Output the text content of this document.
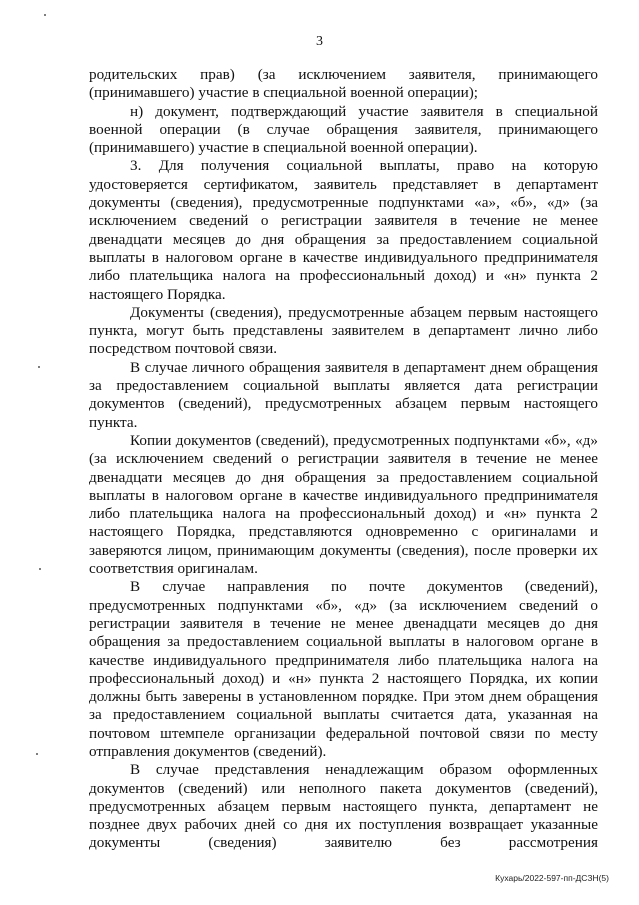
3

родительских прав) (за исключением заявителя, принимающего (принимавшего) участие в специальной военной операции);

н) документ, подтверждающий участие заявителя в специальной военной операции (в случае обращения заявителя, принимающего (принимавшего) участие в специальной военной операции).

3. Для получения социальной выплаты, право на которую удостоверяется сертификатом, заявитель представляет в департамент документы (сведения), предусмотренные подпунктами «а», «б», «д» (за исключением сведений о регистрации заявителя в течение не менее двенадцати месяцев до дня обращения за предоставлением социальной выплаты в налоговом органе в качестве индивидуального предпринимателя либо плательщика налога на профессиональный доход) и «н» пункта 2 настоящего Порядка.

Документы (сведения), предусмотренные абзацем первым настоящего пункта, могут быть представлены заявителем в департамент лично либо посредством почтовой связи.

В случае личного обращения заявителя в департамент днем обращения за предоставлением социальной выплаты является дата регистрации документов (сведений), предусмотренных абзацем первым настоящего пункта.

Копии документов (сведений), предусмотренных подпунктами «б», «д» (за исключением сведений о регистрации заявителя в течение не менее двенадцати месяцев до дня обращения за предоставлением социальной выплаты в налоговом органе в качестве индивидуального предпринимателя либо плательщика налога на профессиональный доход) и «н» пункта 2 настоящего Порядка, представляются одновременно с оригиналами и заверяются лицом, принимающим документы (сведения), после проверки их соответствия оригиналам.

В случае направления по почте документов (сведений), предусмотренных подпунктами «б», «д» (за исключением сведений о регистрации заявителя в течение не менее двенадцати месяцев до дня обращения за предоставлением социальной выплаты в налоговом органе в качестве индивидуального предпринимателя либо плательщика налога на профессиональный доход) и «н» пункта 2 настоящего Порядка, их копии должны быть заверены в установленном порядке. При этом днем обращения за предоставлением социальной выплаты считается дата, указанная на почтовом штемпеле организации федеральной почтовой связи по месту отправления документов (сведений).

В случае представления ненадлежащим образом оформленных документов (сведений) или неполного пакета документов (сведений), предусмотренных абзацем первым настоящего пункта, департамент не позднее двух рабочих дней со дня их поступления возвращает указанные документы (сведения) заявителю без рассмотрения

Кухарь/2022-597-пп-ДСЗН(5)
